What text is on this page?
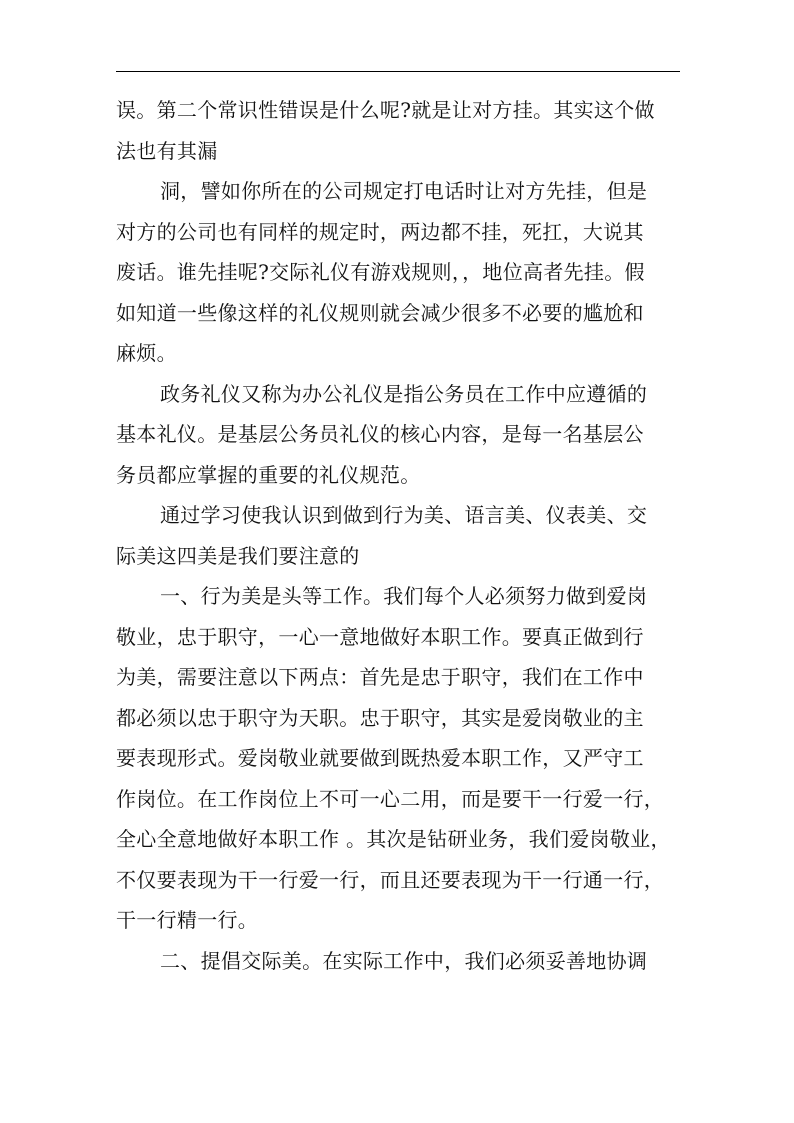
误。第二个常识性错误是什么呢?就是让对方挂。其实这个做
法也有其漏
洞，譬如你所在的公司规定打电话时让对方先挂，但是
对方的公司也有同样的规定时，两边都不挂，死扛，大说其
废话。谁先挂呢?交际礼仪有游戏规则，，地位高者先挂。假
如知道一些像这样的礼仪规则就会减少很多不必要的尴尬和
麻烦。
政务礼仪又称为办公礼仪是指公务员在工作中应遵循的
基本礼仪。是基层公务员礼仪的核心内容，是每一名基层公
务员都应掌握的重要的礼仪规范。
通过学习使我认识到做到行为美、语言美、仪表美、交
际美这四美是我们要注意的
一、行为美是头等工作。我们每个人必须努力做到爱岗
敬业，忠于职守，一心一意地做好本职工作。要真正做到行
为美，需要注意以下两点：首先是忠于职守，我们在工作中
都必须以忠于职守为天职。忠于职守，其实是爱岗敬业的主
要表现形式。爱岗敬业就要做到既热爱本职工作，又严守工
作岗位。在工作岗位上不可一心二用，而是要干一行爱一行，
全心全意地做好本职工作 。其次是钻研业务，我们爱岗敬业，
不仅要表现为干一行爱一行，而且还要表现为干一行通一行，
干一行精一行。
二、提倡交际美。在实际工作中，我们必须妥善地协调
